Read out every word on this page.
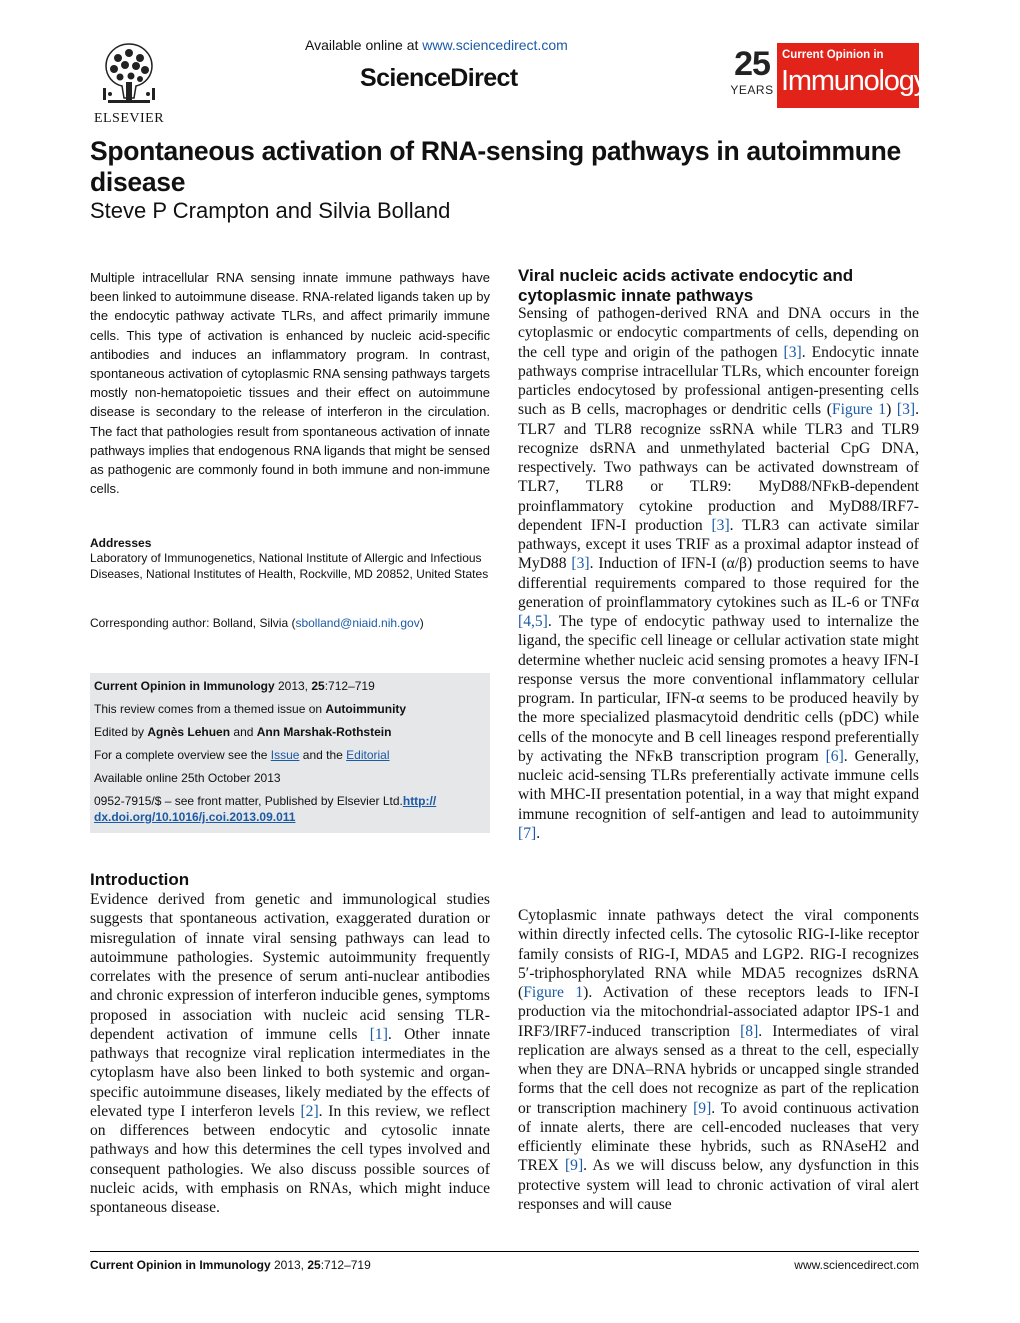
ELSEVIER
Available online at www.sciencedirect.com
ScienceDirect	25
YEARS
Current Opinion in
Immunology
Spontaneous activation of RNA-sensing pathways in autoimmune disease
Steve P Crampton and Silvia Bolland

Multiple intracellular RNA sensing innate immune pathways have been linked to autoimmune disease. RNA-related ligands taken up by the endocytic pathway activate TLRs, and affect primarily immune cells. This type of activation is enhanced by nucleic acid-specific antibodies and induces an inflammatory program. In contrast, spontaneous activation of cytoplasmic RNA sensing pathways targets mostly non-hematopoietic tissues and their effect on autoimmune disease is secondary to the release of interferon in the circulation. The fact that pathologies result from spontaneous activation of innate pathways implies that endogenous RNA ligands that might be sensed as pathogenic are commonly found in both immune and non-immune cells.

Addresses

Laboratory of Immunogenetics, National Institute of Allergic and Infectious Diseases, National Institutes of Health, Rockville, MD 20852, United States

Corresponding author: Bolland, Silvia (sbolland@niaid.nih.gov)
Current Opinion in Immunology 2013, 25:712–719
This review comes from a themed issue on Autoimmunity
Edited by Agnès Lehuen and Ann Marshak-Rothstein
For a complete overview see the Issue and the Editorial
Available online 25th October 2013
0952-7915/$ – see front matter, Published by Elsevier Ltd.http://
dx.doi.org/10.1016/j.coi.2013.09.011
Introduction

Evidence derived from genetic and immunological studies suggests that spontaneous activation, exaggerated duration or misregulation of innate viral sensing pathways can lead to autoimmune pathologies. Systemic autoimmunity frequently correlates with the presence of serum anti-nuclear antibodies and chronic expression of interferon inducible genes, symptoms proposed in association with nucleic acid sensing TLR-dependent activation of immune cells [1]. Other innate pathways that recognize viral replication intermediates in the cytoplasm have also been linked to both systemic and organ-specific autoimmune diseases, likely mediated by the effects of elevated type I interferon levels [2]. In this review, we reflect on differences between endocytic and cytosolic innate pathways and how this determines the cell types involved and consequent pathologies. We also discuss possible sources of nucleic acids, with emphasis on RNAs, which might induce spontaneous disease.

Viral nucleic acids activate endocytic and cytoplasmic innate pathways

Sensing of pathogen-derived RNA and DNA occurs in the cytoplasmic or endocytic compartments of cells, depending on the cell type and origin of the pathogen [3]. Endocytic innate pathways comprise intracellular TLRs, which encounter foreign particles endocytosed by professional antigen-presenting cells such as B cells, macrophages or dendritic cells (Figure 1) [3]. TLR7 and TLR8 recognize ssRNA while TLR3 and TLR9 recognize dsRNA and unmethylated bacterial CpG DNA, respectively. Two pathways can be activated downstream of TLR7, TLR8 or TLR9: MyD88/NFκB-dependent proinflammatory cytokine production and MyD88/IRF7-dependent IFN-I production [3]. TLR3 can activate similar pathways, except it uses TRIF as a proximal adaptor instead of MyD88 [3]. Induction of IFN-I (α/β) production seems to have differential requirements compared to those required for the generation of proinflammatory cytokines such as IL-6 or TNFα [4,5]. The type of endocytic pathway used to internalize the ligand, the specific cell lineage or cellular activation state might determine whether nucleic acid sensing promotes a heavy IFN-I response versus the more conventional inflammatory cellular program. In particular, IFN-α seems to be produced heavily by the more specialized plasmacytoid dendritic cells (pDC) while cells of the monocyte and B cell lineages respond preferentially by activating the NFκB transcription program [6]. Generally, nucleic acid-sensing TLRs preferentially activate immune cells with MHC-II presentation potential, in a way that might expand immune recognition of self-antigen and lead to autoimmunity [7].

Cytoplasmic innate pathways detect the viral components within directly infected cells. The cytosolic RIG-I-like receptor family consists of RIG-I, MDA5 and LGP2. RIG-I recognizes 5′-triphosphorylated RNA while MDA5 recognizes dsRNA (Figure 1). Activation of these receptors leads to IFN-I production via the mitochondrial-associated adaptor IPS-1 and IRF3/IRF7-induced transcription [8]. Intermediates of viral replication are always sensed as a threat to the cell, especially when they are DNA–RNA hybrids or uncapped single stranded forms that the cell does not recognize as part of the replication or transcription machinery [9]. To avoid continuous activation of innate alerts, there are cell-encoded nucleases that very efficiently eliminate these hybrids, such as RNAseH2 and TREX [9]. As we will discuss below, any dysfunction in this protective system will lead to chronic activation of viral alert responses and will cause

Current Opinion in Immunology 2013, 25:712–719	www.sciencedirect.com
